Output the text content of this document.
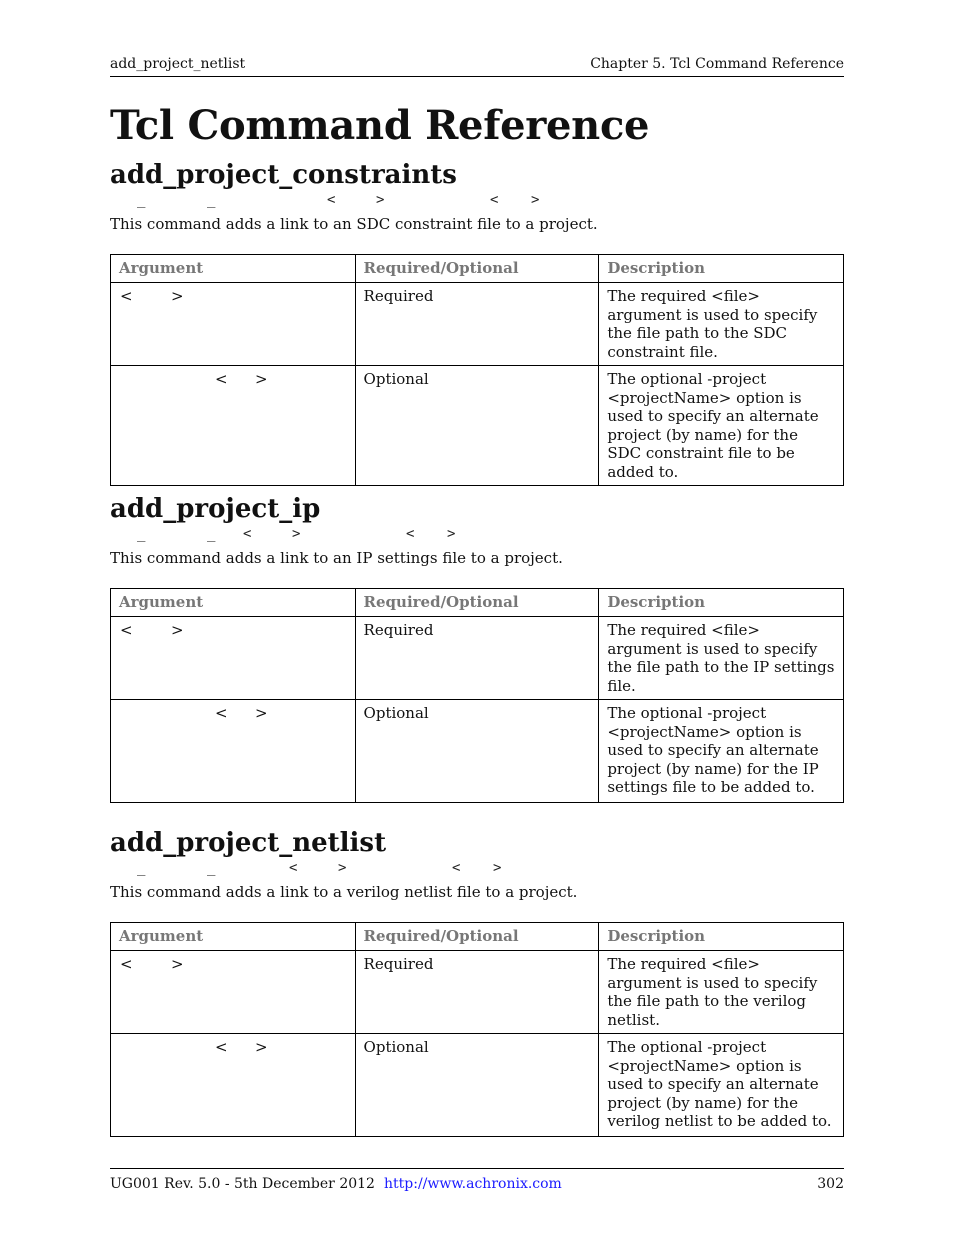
add_project_netlist	Chapter 5. Tcl Command Reference
Tcl Command Reference
add_project_constraints
_	_	<	>	< >

This command adds a link to an SDC constraint file to a project.

Argument	Required/Optional	Description

< >	Required	The required <file> argument is used to specify the file path to the SDC constraint file.

< >	Optional	The optional -project <projectName> option is used to specify an alternate project (by name) for the SDC constraint file to be added to.
add_project_ip
_	_ <	>	< >

This command adds a link to an IP settings file to a project.

Argument	Required/Optional	Description

< >	Required	The required <file> argument is used to specify the file path to the IP settings file.

< >	Optional	The optional -project <projectName> option is used to specify an alternate project (by name) for the IP settings file to be added to.
add_project_netlist
_	_	<	>	< >

This command adds a link to a verilog netlist file to a project.

Argument	Required/Optional	Description

< >	Required	The required <file> argument is used to specify the file path to the verilog netlist.

< >	Optional	The optional -project <projectName> option is used to specify an alternate project (by name) for the verilog netlist to be added to.
UG001 Rev. 5.0 - 5th December 2012 http://www.achronix.com	302
